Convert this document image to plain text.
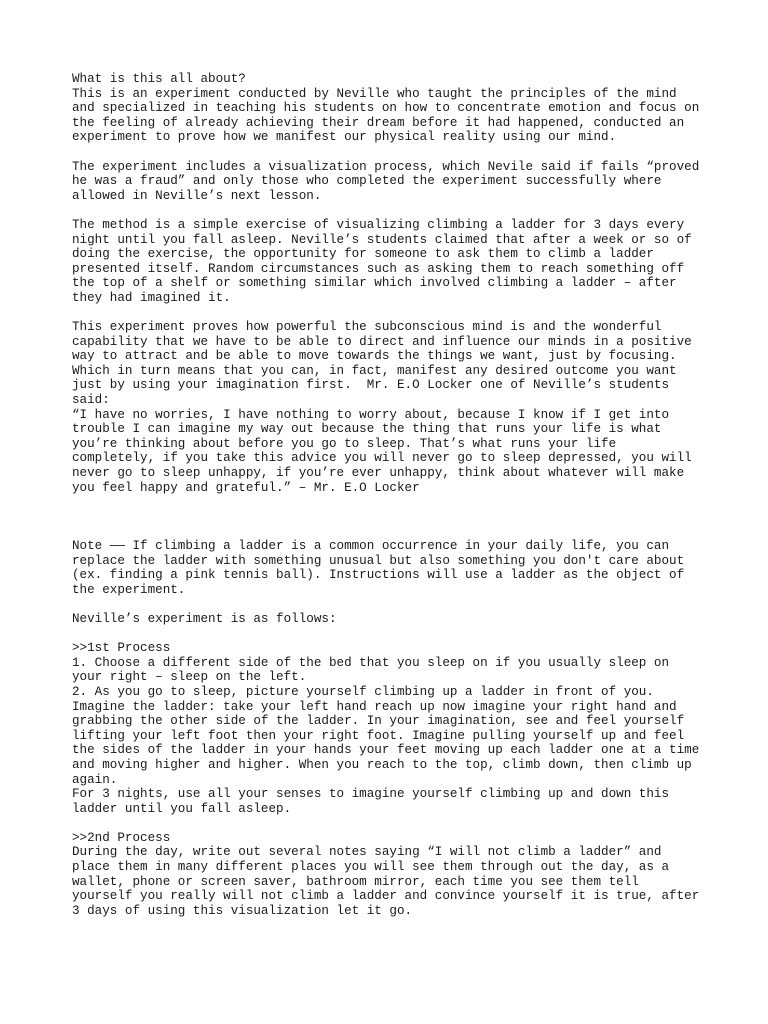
What is this all about?
This is an experiment conducted by Neville who taught the principles of the mind
and specialized in teaching his students on how to concentrate emotion and focus on
the feeling of already achieving their dream before it had happened, conducted an
experiment to prove how we manifest our physical reality using our mind.
The experiment includes a visualization process, which Nevile said if fails “proved
he was a fraud” and only those who completed the experiment successfully where
allowed in Neville’s next lesson.
The method is a simple exercise of visualizing climbing a ladder for 3 days every
night until you fall asleep. Neville’s students claimed that after a week or so of
doing the exercise, the opportunity for someone to ask them to climb a ladder
presented itself. Random circumstances such as asking them to reach something off
the top of a shelf or something similar which involved climbing a ladder – after
they had imagined it.
This experiment proves how powerful the subconscious mind is and the wonderful
capability that we have to be able to direct and influence our minds in a positive
way to attract and be able to move towards the things we want, just by focusing.
Which in turn means that you can, in fact, manifest any desired outcome you want
just by using your imagination first.  Mr. E.O Locker one of Neville’s students
said:
“I have no worries, I have nothing to worry about, because I know if I get into
trouble I can imagine my way out because the thing that runs your life is what
you’re thinking about before you go to sleep. That’s what runs your life
completely, if you take this advice you will never go to sleep depressed, you will
never go to sleep unhappy, if you’re ever unhappy, think about whatever will make
you feel happy and grateful.” – Mr. E.O Locker
Note —— If climbing a ladder is a common occurrence in your daily life, you can
replace the ladder with something unusual but also something you don't care about
(ex. finding a pink tennis ball). Instructions will use a ladder as the object of
the experiment.
Neville’s experiment is as follows:
>>1st Process
1. Choose a different side of the bed that you sleep on if you usually sleep on
your right – sleep on the left.
2. As you go to sleep, picture yourself climbing up a ladder in front of you.
Imagine the ladder: take your left hand reach up now imagine your right hand and
grabbing the other side of the ladder. In your imagination, see and feel yourself
lifting your left foot then your right foot. Imagine pulling yourself up and feel
the sides of the ladder in your hands your feet moving up each ladder one at a time
and moving higher and higher. When you reach to the top, climb down, then climb up
again.
For 3 nights, use all your senses to imagine yourself climbing up and down this
ladder until you fall asleep.
>>2nd Process
During the day, write out several notes saying “I will not climb a ladder” and
place them in many different places you will see them through out the day, as a
wallet, phone or screen saver, bathroom mirror, each time you see them tell
yourself you really will not climb a ladder and convince yourself it is true, after
3 days of using this visualization let it go.
